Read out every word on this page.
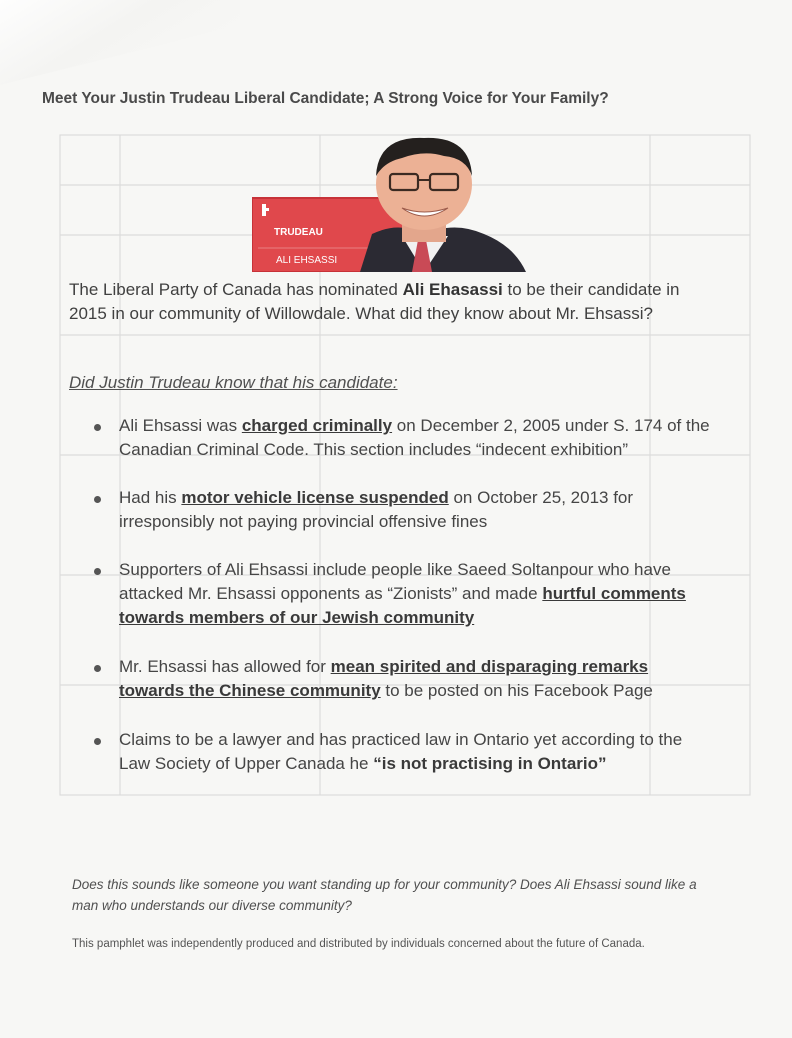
Meet Your Justin Trudeau Liberal Candidate; A Strong Voice for Your Family?
TRUDEAU
ALI EHSASSI
The Liberal Party of Canada has nominated Ali Ehasassi to be their candidate in 2015 in our community of Willowdale. What did they know about Mr. Ehsassi?
Did Justin Trudeau know that his candidate:
Ali Ehsassi was charged criminally on December 2, 2005 under S. 174 of the Canadian Criminal Code. This section includes “indecent exhibition”
Had his motor vehicle license suspended on October 25, 2013 for irresponsibly not paying provincial offensive fines
Supporters of Ali Ehsassi include people like Saeed Soltanpour who have attacked Mr. Ehsassi opponents as “Zionists” and made hurtful comments towards members of our Jewish community
Mr. Ehsassi has allowed for mean spirited and disparaging remarks towards the Chinese community to be posted on his Facebook Page
Claims to be a lawyer and has practiced law in Ontario yet according to the Law Society of Upper Canada he “is not practising in Ontario”
Does this sounds like someone you want standing up for your community? Does Ali Ehsassi sound like a man who understands our diverse community?
This pamphlet was independently produced and distributed by individuals concerned about the future of Canada.
